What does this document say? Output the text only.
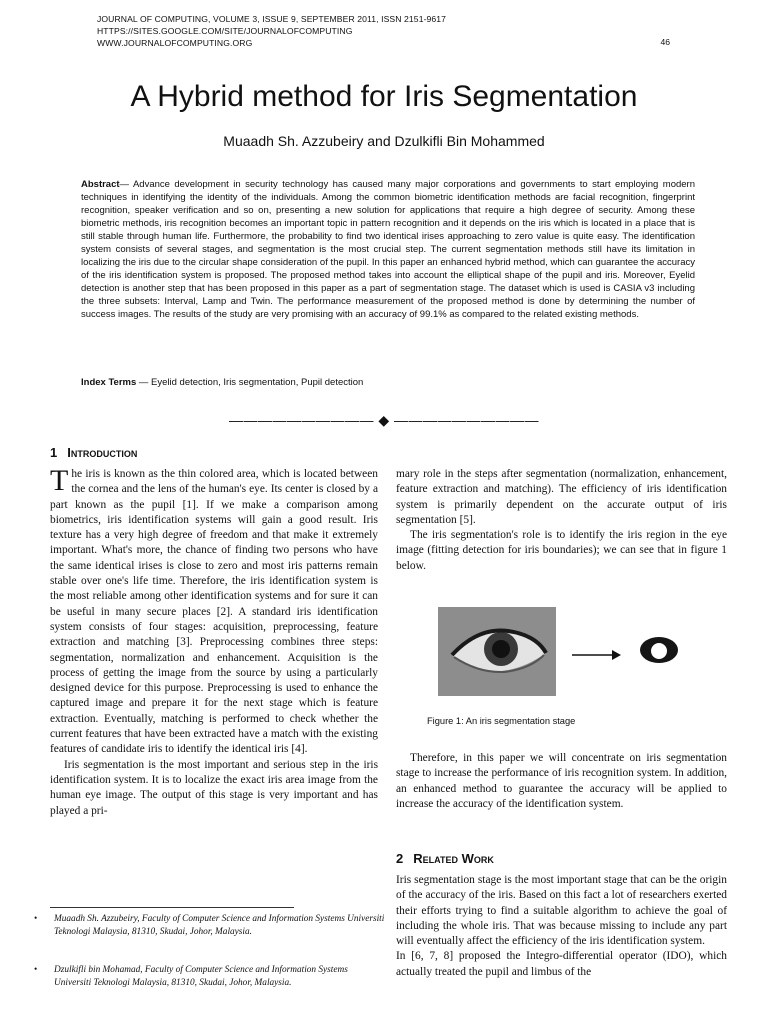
JOURNAL OF COMPUTING, VOLUME 3, ISSUE 9, SEPTEMBER 2011, ISSN 2151-9617
HTTPS://SITES.GOOGLE.COM/SITE/JOURNALOFCOMPUTING
WWW.JOURNALOFCOMPUTING.ORG	46
A Hybrid method for Iris Segmentation
Muaadh Sh. Azzubeiry and Dzulkifli Bin Mohammed
Abstract— Advance development in security technology has caused many major corporations and governments to start employing modern techniques in identifying the identity of the individuals. Among the common biometric identification methods are facial recognition, fingerprint recognition, speaker verification and so on, presenting a new solution for applications that require a high degree of security. Among these biometric methods, iris recognition becomes an important topic in pattern recognition and it depends on the iris which is located in a place that is still stable through human life. Furthermore, the probability to find two identical irises approaching to zero value is quite easy. The identification system consists of several stages, and segmentation is the most crucial step. The current segmentation methods still have its limitation in localizing the iris due to the circular shape consideration of the pupil. In this paper an enhanced hybrid method, which can guarantee the accuracy of the iris identification system is proposed. The proposed method takes into account the elliptical shape of the pupil and iris. Moreover, Eyelid detection is another step that has been proposed in this paper as a part of segmentation stage. The dataset which is used is CASIA v3 including the three subsets: Interval, Lamp and Twin. The performance measurement of the proposed method is done by determining the number of success images. The results of the study are very promising with an accuracy of 99.1% as compared to the related existing methods.
Index Terms — Eyelid detection, Iris segmentation, Pupil detection
—————————— ◆ ——————————
1 Introduction

The iris is known as the thin colored area, which is located between the cornea and the lens of the human's eye. Its center is closed by a part known as the pupil [1]. If we make a comparison among biometrics, iris identification systems will gain a good result. Iris texture has a very high degree of freedom and that make it extremely important. What's more, the chance of finding two persons who have the same identical irises is close to zero and most iris patterns remain stable over one's life time. Therefore, the iris identification system is the most reliable among other identification systems and for sure it can be useful in many secure places [2]. A standard iris identification system consists of four stages: acquisition, preprocessing, feature extraction and matching [3]. Preprocessing combines three steps: segmentation, normalization and enhancement. Acquisition is the process of getting the image from the source by using a particularly designed device for this purpose. Preprocessing is used to enhance the captured image and prepare it for the next stage which is feature extraction. Eventually, matching is performed to check whether the current features that have been extracted have a match with the existing features of candidate iris to identify the identical iris [4].

Iris segmentation is the most important and serious step in the iris identification system. It is to localize the exact iris area image from the human eye image. The output of this stage is very important and has played a pri-

mary role in the steps after segmentation (normalization, enhancement, feature extraction and matching). The efficiency of iris identification system is primarily dependent on the accurate output of iris segmentation [5].

The iris segmentation's role is to identify the iris region in the eye image (fitting detection for iris boundaries); we can see that in figure 1 below.

Figure 1: An iris segmentation stage

Therefore, in this paper we will concentrate on iris segmentation stage to increase the performance of iris recognition system. In addition, an enhanced method to guarantee the accuracy will be applied to increase the accuracy of the identification system.

2 Related Work

Iris segmentation stage is the most important stage that can be the origin of the accuracy of the iris. Based on this fact a lot of researchers exerted their efforts trying to find a suitable algorithm to achieve the goal of including the whole iris. That was because missing to include any part will eventually affect the efficiency of the iris identification system.

In [6, 7, 8] proposed the Integro-differential operator (IDO), which actually treated the pupil and limbus of the

•	Muaadh Sh. Azzubeiry, Faculty of Computer Science and Information Systems Universiti Teknologi Malaysia, 81310, Skudai, Johor, Malaysia.
•	Dzulkifli bin Mohamad, Faculty of Computer Science and Information Systems Universiti Teknologi Malaysia, 81310, Skudai, Johor, Malaysia.
